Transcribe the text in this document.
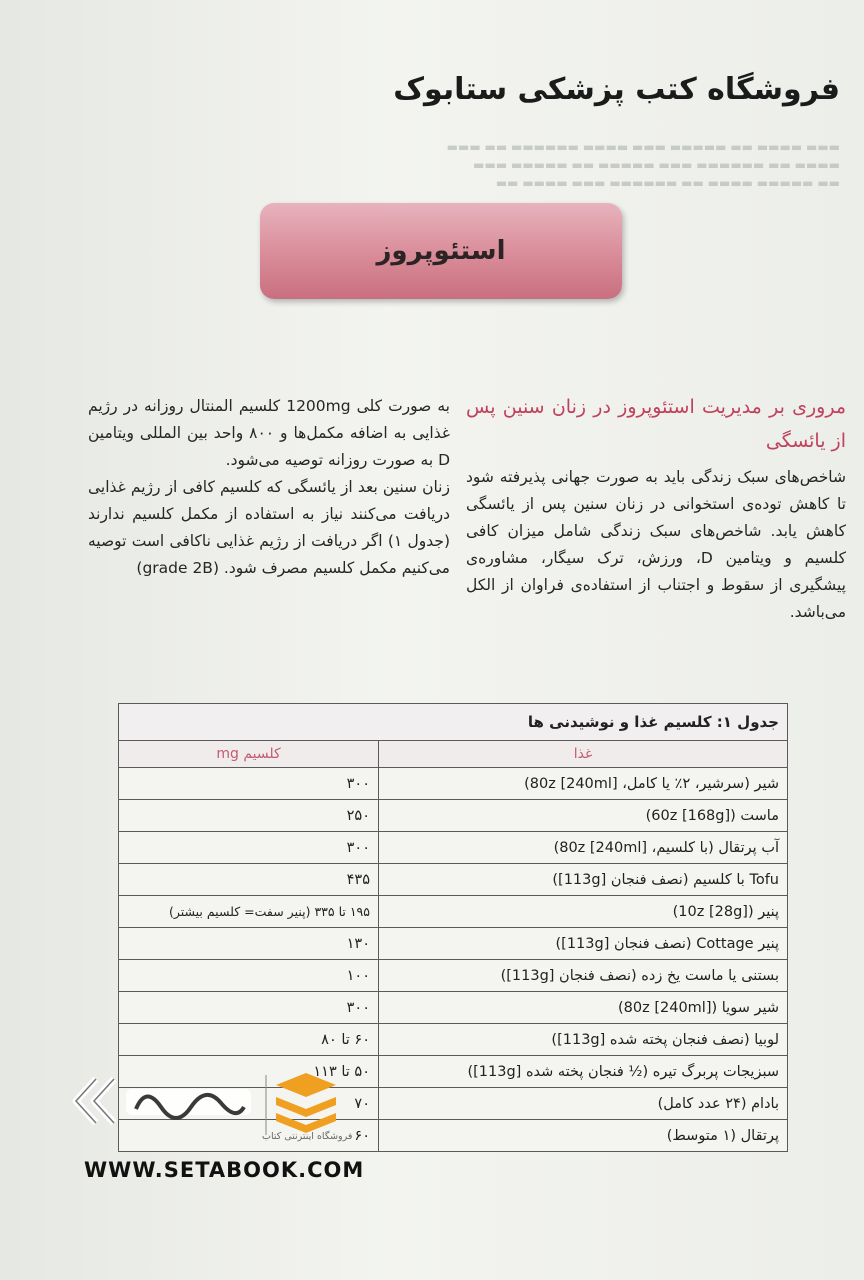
▬▬▬ ▬▬▬▬ ▬▬ ▬▬▬▬▬ ▬▬▬ ▬▬▬▬ ▬▬▬▬▬▬ ▬▬ ▬▬▬
▬▬▬▬ ▬▬ ▬▬▬▬▬▬ ▬▬▬ ▬▬▬▬▬ ▬▬ ▬▬▬▬▬ ▬▬▬
▬▬ ▬▬▬▬▬ ▬▬▬▬ ▬▬ ▬▬▬▬▬▬ ▬▬▬ ▬▬▬▬ ▬▬
فروشگاه کتب پزشکی ستابوک
استئوپروز
مروری بر مدیریت استئوپروز در زنان سنین پس از یائسگی

شاخص‌های سبک زندگی باید به صورت جهانی پذیرفته شود تا کاهش توده‌ی استخوانی در زنان سنین پس از یائسگی کاهش یابد. شاخص‌های سبک زندگی شامل میزان کافی کلسیم و ویتامین D، ورزش، ترک سیگار، مشاوره‌ی پیشگیری از سقوط و اجتناب از استفاده‌ی فراوان از الکل می‌باشد.

به صورت کلی 1200mg کلسیم المنتال روزانه در رژیم غذایی به اضافه مکمل‌ها و ۸۰۰ واحد بین المللی ویتامین D به صورت روزانه توصیه می‌شود.

زنان سنین بعد از یائسگی که کلسیم کافی از رژیم غذایی دریافت می‌کنند نیاز به استفاده از مکمل کلسیم ندارند (جدول ۱) اگر دریافت از رژیم غذایی ناکافی است توصیه می‌کنیم مکمل کلسیم مصرف شود. (grade 2B)

جدول ۱: کلسیم غذا و نوشیدنی ها	
غذا	کلسیم mg
شیر (سرشیر، ۲٪ یا کامل، [80z [240ml)	۳۰۰
ماست (60z [168g])	۲۵۰
آب پرتقال (با کلسیم، [80z [240ml)	۳۰۰
Tofu با کلسیم (نصف فنجان [113g])	۴۳۵
پنیر (10z [28g])	۱۹۵ تا ۳۳۵ (پنیر سفت= کلسیم بیشتر)
پنیر Cottage (نصف فنجان [113g])	۱۳۰
بستنی یا ماست یخ زده (نصف فنجان [113g])	۱۰۰
شیر سویا ([80z [240ml)	۳۰۰
لوبیا (نصف فنجان پخته شده [113g])	۶۰ تا ۸۰
سبزیجات پربرگ تیره (½ فنجان پخته شده [113g])	۵۰ تا ۱۱۳
بادام (۲۴ عدد کامل)	۷۰
پرتقال (۱ متوسط)	۶۰
فروشگاه اینترنتی کتاب
WWW.SETABOOK.COM
